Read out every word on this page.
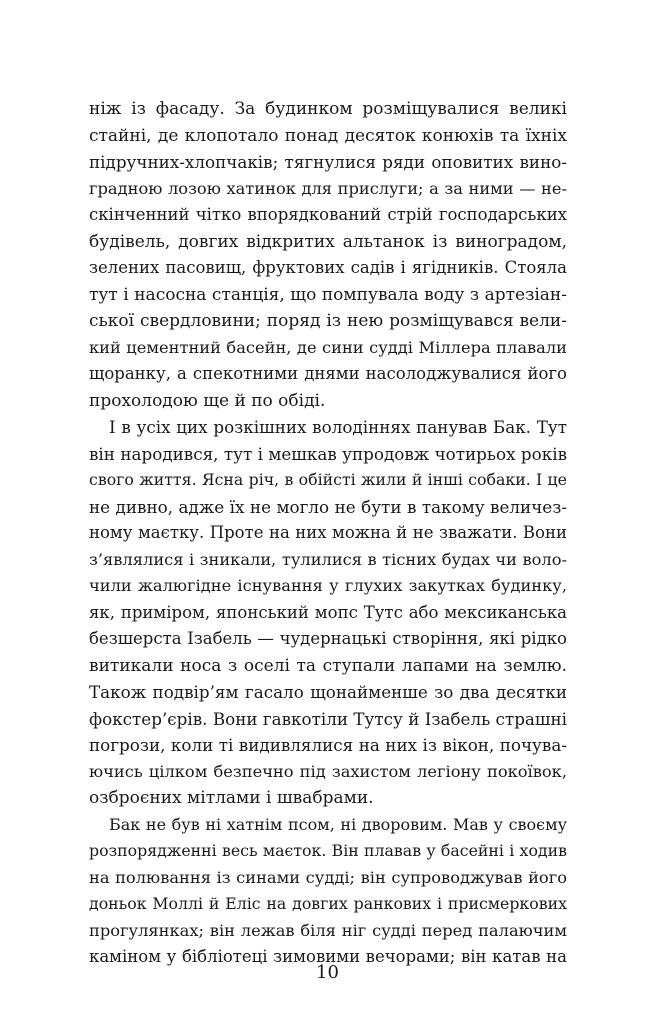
ніж із фасаду. За будинком розміщувалися великі
стайні, де клопотало понад десяток конюхів та їхніх
підручних-хлопчаків; тягнулися ряди оповитих вино-
градною лозою хатинок для прислуги; а за ними — не-
скінченний чітко впорядкований стрій господарських
будівель, довгих відкритих альтанок із виноградом,
зелених пасовищ, фруктових садів і ягідників. Стояла
тут і насосна станція, що помпувала воду з артезіан-
ської свердловини; поряд із нею розміщувався вели-
кий цементний басейн, де сини судді Міллера плавали
щоранку, а спекотними днями насолоджувалися його
прохолодою ще й по обіді.
І в усіх цих розкішних володіннях панував Бак. Тут
він народився, тут і мешкав упродовж чотирьох років
свого життя. Ясна річ, в обійсті жили й інші собаки. І це
не дивно, адже їх не могло не бути в такому величез-
ному маєтку. Проте на них можна й не зважати. Вони
з’являлися і зникали, тулилися в тісних будах чи воло-
чили жалюгідне існування у глухих закутках будинку,
як, приміром, японський мопс Тутс або мексиканська
безшерста Ізабель — чудернацькі створіння, які рідко
витикали носа з оселі та ступали лапами на землю.
Також подвір’ям гасало щонайменше зо два десятки
фокстер’єрів. Вони гавкотіли Тутсу й Ізабель страшні
погрози, коли ті видивлялися на них із вікон, почува-
ючись цілком безпечно під захистом легіону покоївок,
озброєних мітлами і швабрами.
Бак не був ні хатнім псом, ні дворовим. Мав у своєму
розпорядженні весь маєток. Він плавав у басейні і ходив
на полювання із синами судді; він супроводжував його
доньок Моллі й Еліс на довгих ранкових і присмеркових
прогулянках; він лежав біля ніг судді перед палаючим
каміном у бібліотеці зимовими вечорами; він катав на
10
